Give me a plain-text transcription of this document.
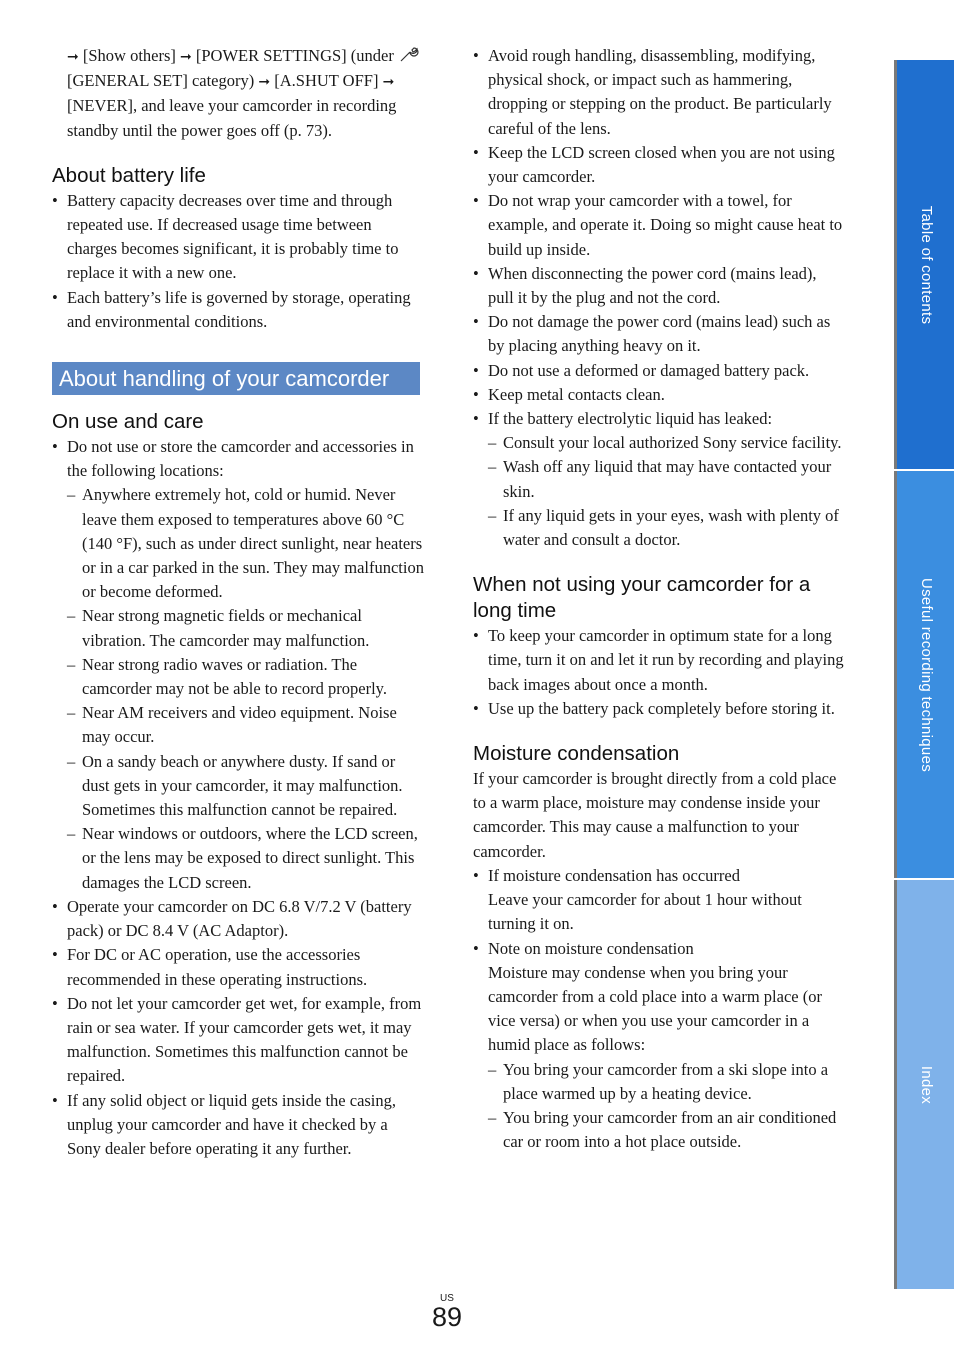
➞ [Show others] ➞ [POWER SETTINGS] (under  [GENERAL SET] category) ➞ [A.SHUT OFF] ➞ [NEVER], and leave your camcorder in recording standby until the power goes off (p. 73).
About battery life
• Battery capacity decreases over time and through repeated use. If decreased usage time between charges becomes significant, it is probably time to replace it with a new one.
• Each battery’s life is governed by storage, operating and environmental conditions.
About handling of your camcorder
On use and care
• Do not use or store the camcorder and accessories in the following locations:
– Anywhere extremely hot, cold or humid. Never leave them exposed to temperatures above 60 °C (140 °F), such as under direct sunlight, near heaters or in a car parked in the sun. They may malfunction or become deformed.
– Near strong magnetic fields or mechanical vibration. The camcorder may malfunction.
– Near strong radio waves or radiation. The camcorder may not be able to record properly.
– Near AM receivers and video equipment. Noise may occur.
– On a sandy beach or anywhere dusty. If sand or dust gets in your camcorder, it may malfunction. Sometimes this malfunction cannot be repaired.
– Near windows or outdoors, where the LCD screen, or the lens may be exposed to direct sunlight. This damages the LCD screen.
• Operate your camcorder on DC 6.8 V/7.2 V (battery pack) or DC 8.4 V (AC Adaptor).
• For DC or AC operation, use the accessories recommended in these operating instructions.
• Do not let your camcorder get wet, for example, from rain or sea water. If your camcorder gets wet, it may malfunction. Sometimes this malfunction cannot be repaired.
• If any solid object or liquid gets inside the casing, unplug your camcorder and have it checked by a Sony dealer before operating it any further.
• Avoid rough handling, disassembling, modifying, physical shock, or impact such as hammering, dropping or stepping on the product. Be particularly careful of the lens.
• Keep the LCD screen closed when you are not using your camcorder.
• Do not wrap your camcorder with a towel, for example, and operate it. Doing so might cause heat to build up inside.
• When disconnecting the power cord (mains lead), pull it by the plug and not the cord.
• Do not damage the power cord (mains lead) such as by placing anything heavy on it.
• Do not use a deformed or damaged battery pack.
• Keep metal contacts clean.
• If the battery electrolytic liquid has leaked:
– Consult your local authorized Sony service facility.
– Wash off any liquid that may have contacted your skin.
– If any liquid gets in your eyes, wash with plenty of water and consult a doctor.
When not using your camcorder for a long time
• To keep your camcorder in optimum state for a long time, turn it on and let it run by recording and playing back images about once a month.
• Use up the battery pack completely before storing it.
Moisture condensation

If your camcorder is brought directly from a cold place to a warm place, moisture may condense inside your camcorder. This may cause a malfunction to your camcorder.

• If moisture condensation has occurred
Leave your camcorder for about 1 hour without turning it on.
• Note on moisture condensation
Moisture may condense when you bring your camcorder from a cold place into a warm place (or vice versa) or when you use your camcorder in a humid place as follows:
– You bring your camcorder from a ski slope into a place warmed up by a heating device.
– You bring your camcorder from an air conditioned car or room into a hot place outside.
Table of contents
Useful recording techniques
Index
US
89
